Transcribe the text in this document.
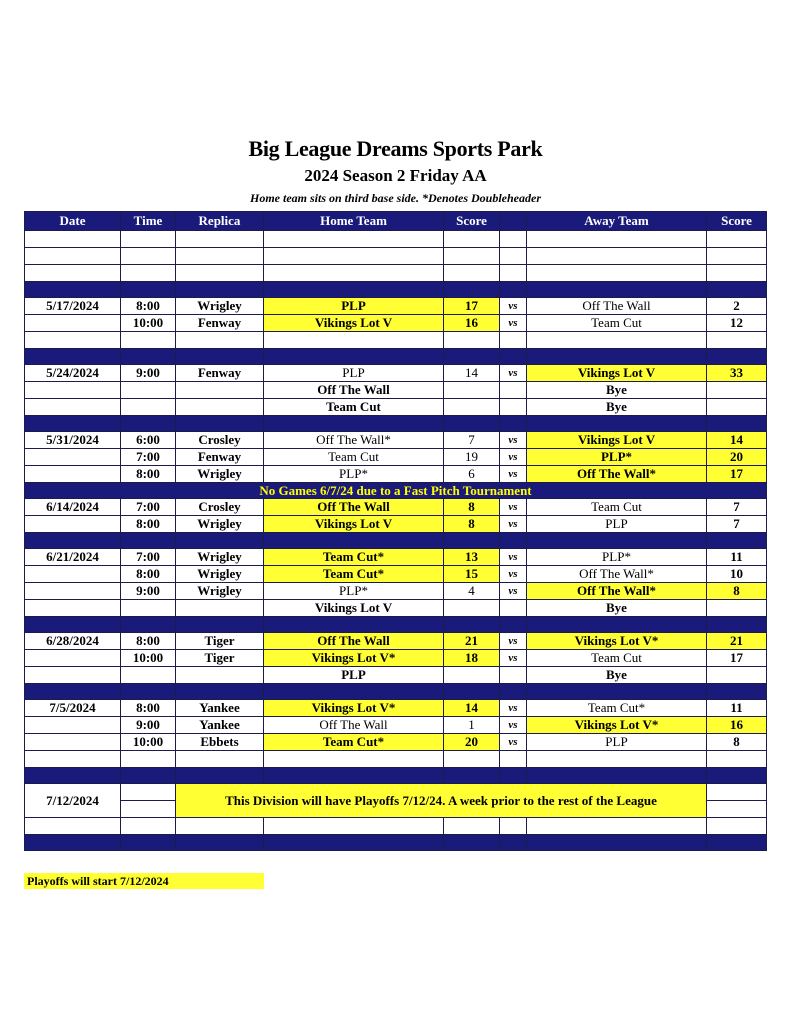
Big League Dreams Sports Park
2024 Season 2 Friday AA
Home team sits on third base side. *Denotes Doubleheader
Date	Time	Replica	Home Team	Score		Away Team	Score

5/17/2024	8:00	Wrigley	PLP	17	vs	Off The Wall	2
	10:00	Fenway	Vikings Lot V	16	vs	Team Cut	12

5/24/2024	9:00	Fenway	PLP	14	vs	Vikings Lot V	33
			Off The Wall			Bye	
			Team Cut			Bye	

5/31/2024	6:00	Crosley	Off The Wall*	7	vs	Vikings Lot V	14
	7:00	Fenway	Team Cut	19	vs	PLP*	20
	8:00	Wrigley	PLP*	6	vs	Off The Wall*	17
No Games 6/7/24 due to a Fast Pitch Tournament							
6/14/2024	7:00	Crosley	Off The Wall	8	vs	Team Cut	7
	8:00	Wrigley	Vikings Lot V	8	vs	PLP	7

6/21/2024	7:00	Wrigley	Team Cut*	13	vs	PLP*	11
	8:00	Wrigley	Team Cut*	15	vs	Off The Wall*	10
	9:00	Wrigley	PLP*	4	vs	Off The Wall*	8
			Vikings Lot V			Bye	

6/28/2024	8:00	Tiger	Off The Wall	21	vs	Vikings Lot V*	21
	10:00	Tiger	Vikings Lot V*	18	vs	Team Cut	17
			PLP			Bye	

7/5/2024	8:00	Yankee	Vikings Lot V*	14	vs	Team Cut*	11
	9:00	Yankee	Off The Wall	1	vs	Vikings Lot V*	16
	10:00	Ebbets	Team Cut*	20	vs	PLP	8

7/12/2024		This Division will have Playoffs 7/12/24. A week prior to the rest of the League					

Playoffs will start 7/12/2024
